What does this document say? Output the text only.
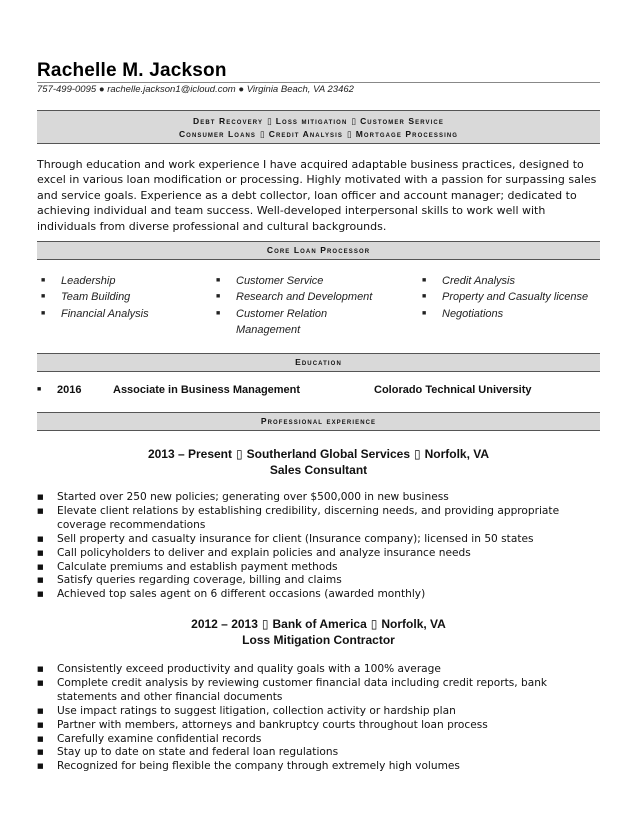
Rachelle M. Jackson
757-499-0095 ● rachelle.jackson1@icloud.com ● Virginia Beach, VA 23462
Debt Recovery ▯ Loss mitigation ▯ Customer Service
Consumer Loans ▯ Credit Analysis ▯ Mortgage Processing
Through education and work experience I have acquired adaptable business practices, designed to excel in various loan modification or processing. Highly motivated with a passion for surpassing sales and service goals. Experience as a debt collector, loan officer and account manager; dedicated to achieving individual and team success. Well-developed interpersonal skills to work well with individuals from diverse professional and cultural backgrounds.
Core Loan Processor
■ Leadership
■ Team Building
■ Financial Analysis
■ Customer Service
■ Research and Development
■ Customer Relation Management
■ Credit Analysis
■ Property and Casualty license
■ Negotiations
Education
■ 2016	Associate in Business Management	Colorado Technical University
Professional experience
2013 – Present ▯ Southerland Global Services ▯ Norfolk, VA
Sales Consultant
■ Started over 250 new policies; generating over $500,000 in new business
■ Elevate client relations by establishing credibility, discerning needs, and providing appropriate coverage recommendations
■ Sell property and casualty insurance for client (Insurance company); licensed in 50 states
■ Call policyholders to deliver and explain policies and analyze insurance needs
■ Calculate premiums and establish payment methods
■ Satisfy queries regarding coverage, billing and claims
■ Achieved top sales agent on 6 different occasions (awarded monthly)
2012 – 2013 ▯ Bank of America ▯ Norfolk, VA
Loss Mitigation Contractor
■ Consistently exceed productivity and quality goals with a 100% average
■ Complete credit analysis by reviewing customer financial data including credit reports, bank statements and other financial documents
■ Use impact ratings to suggest litigation, collection activity or hardship plan
■ Partner with members, attorneys and bankruptcy courts throughout loan process
■ Carefully examine confidential records
■ Stay up to date on state and federal loan regulations
■ Recognized for being flexible the company through extremely high volumes
